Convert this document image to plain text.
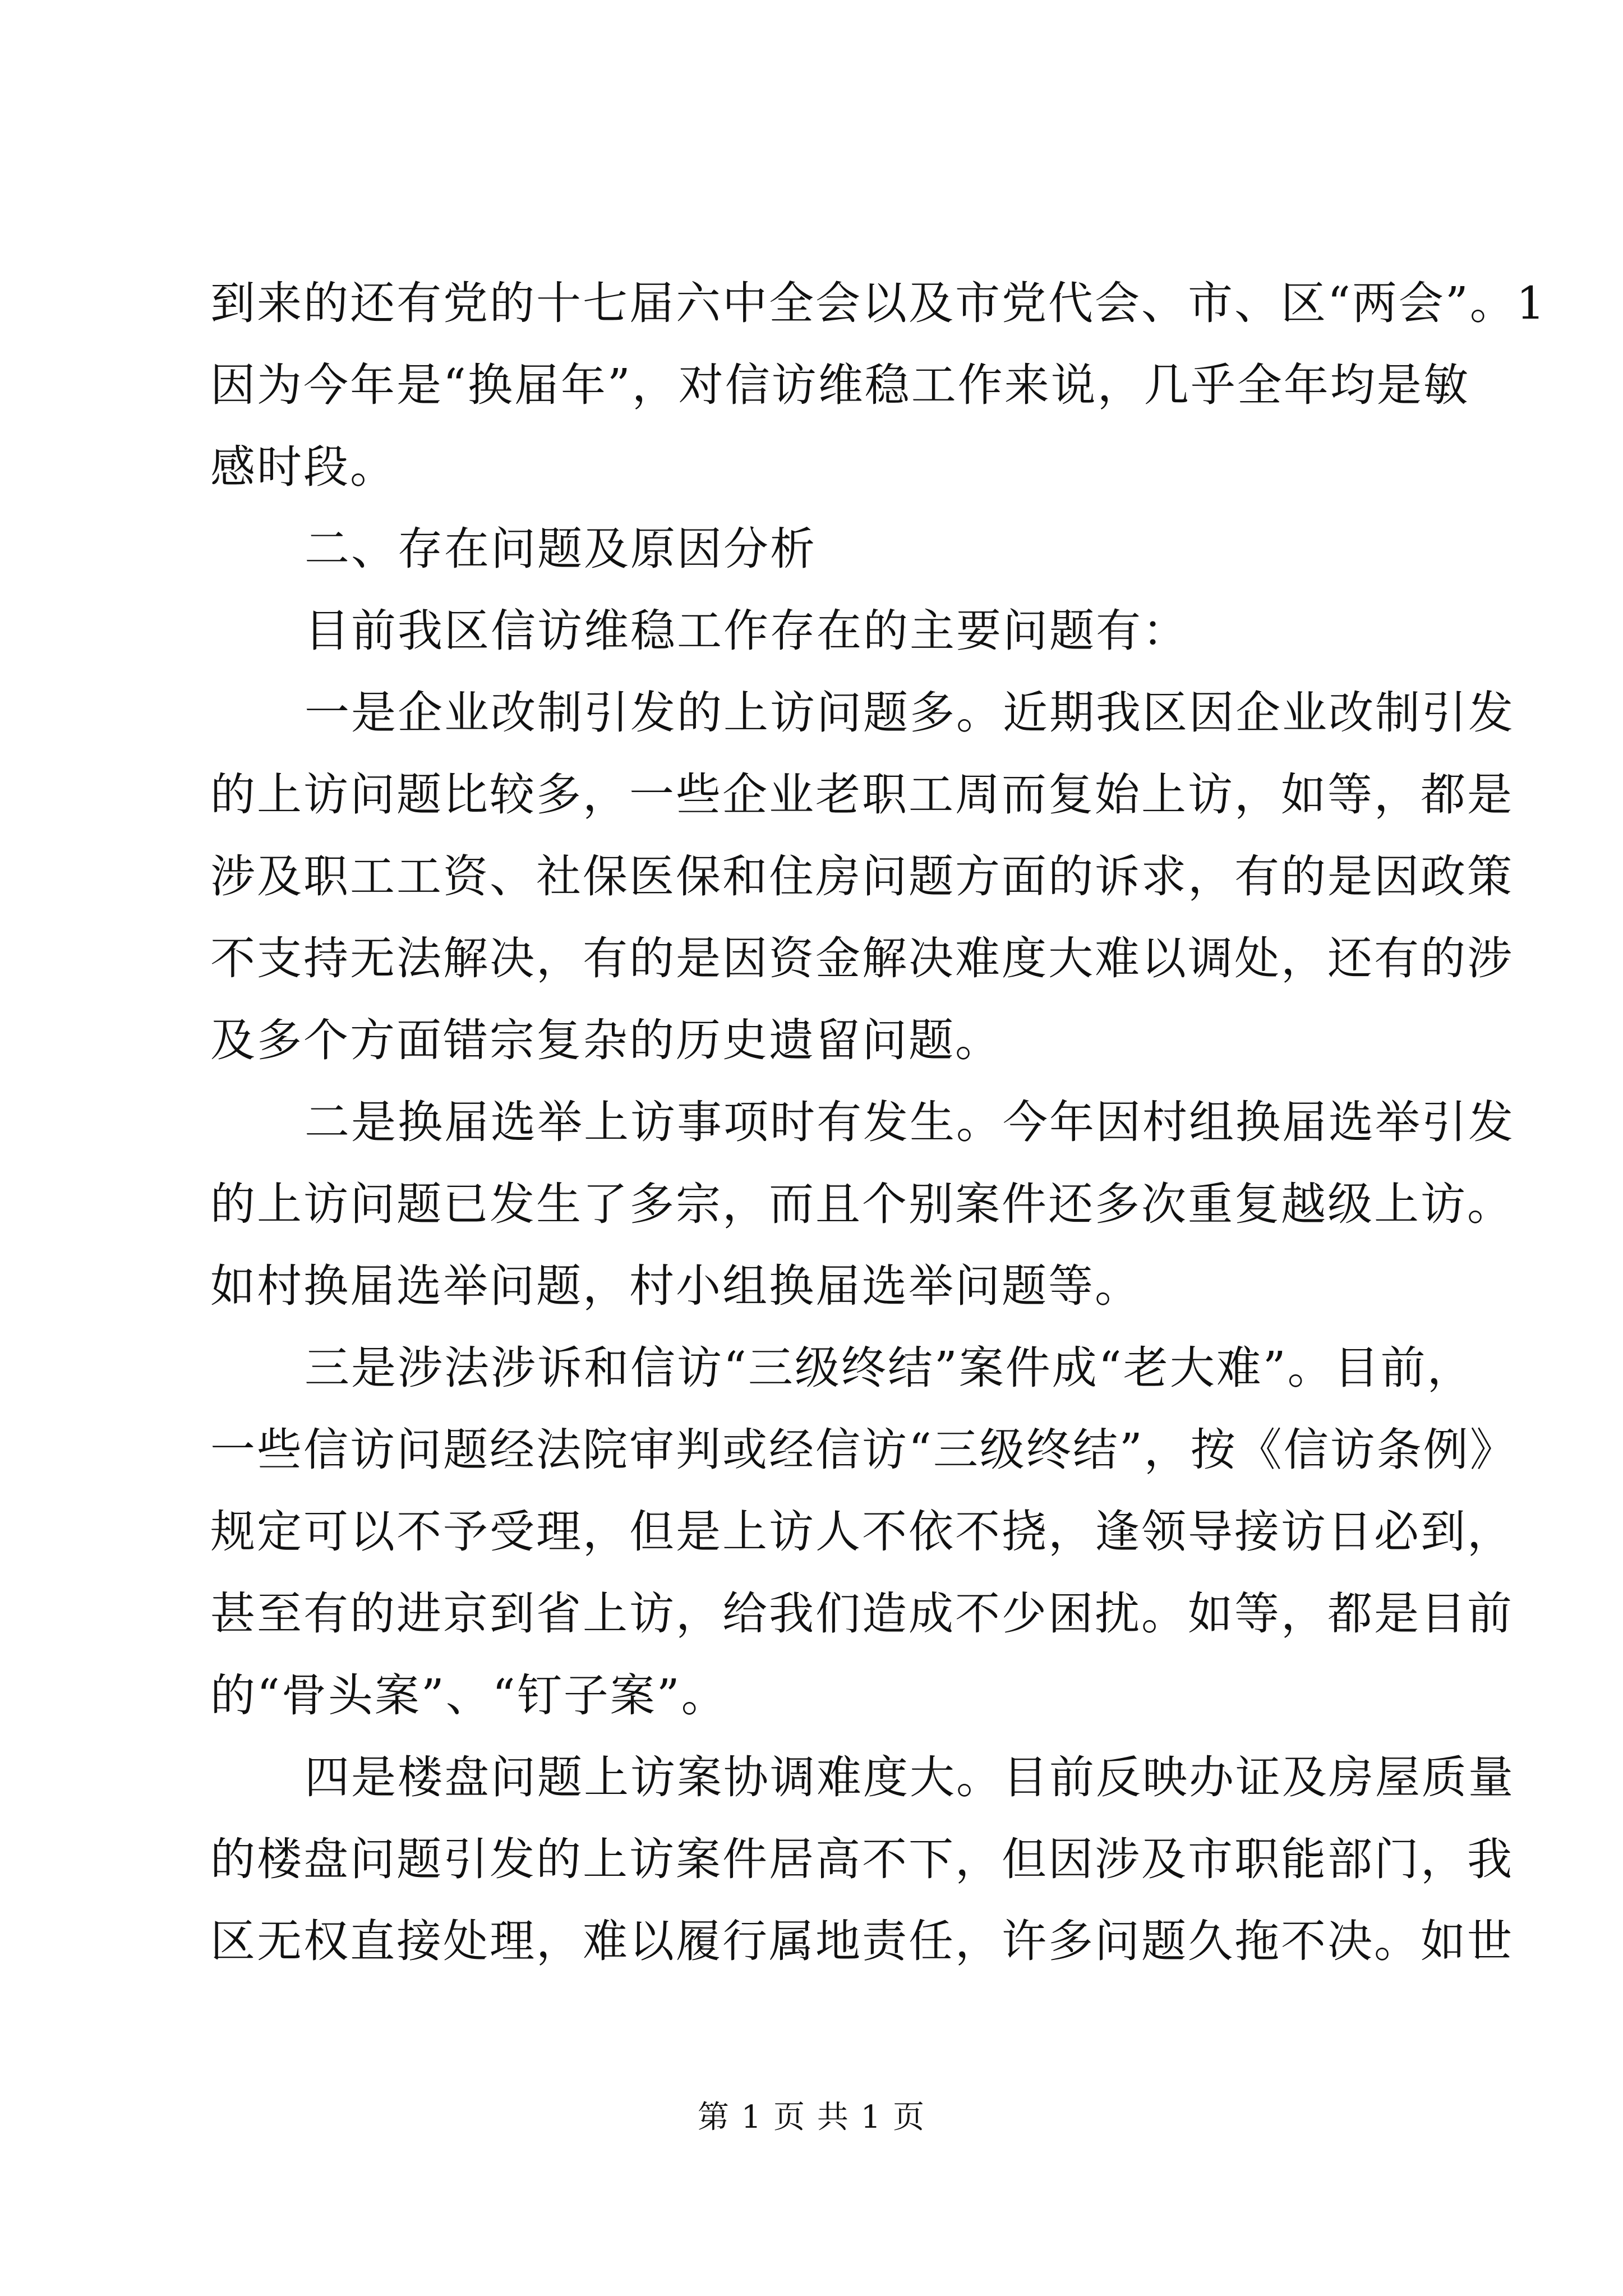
到来的还有党的十七届六中全会以及市党代会、市、区“两会”。1
因为今年是“换届年”，对信访维稳工作来说，几乎全年均是敏
感时段。
二、存在问题及原因分析
目前我区信访维稳工作存在的主要问题有：
一是企业改制引发的上访问题多。近期我区因企业改制引发
的上访问题比较多，一些企业老职工周而复始上访，如等，都是
涉及职工工资、社保医保和住房问题方面的诉求，有的是因政策
不支持无法解决，有的是因资金解决难度大难以调处，还有的涉
及多个方面错宗复杂的历史遗留问题。
二是换届选举上访事项时有发生。今年因村组换届选举引发
的上访问题已发生了多宗，而且个别案件还多次重复越级上访。
如村换届选举问题，村小组换届选举问题等。
三是涉法涉诉和信访“三级终结”案件成“老大难”。目前，
一些信访问题经法院审判或经信访“三级终结”，按《信访条例》
规定可以不予受理，但是上访人不依不挠，逢领导接访日必到，
甚至有的进京到省上访，给我们造成不少困扰。如等，都是目前
的“骨头案”、“钉子案”。
四是楼盘问题上访案协调难度大。目前反映办证及房屋质量
的楼盘问题引发的上访案件居高不下，但因涉及市职能部门，我
区无权直接处理，难以履行属地责任，许多问题久拖不决。如世
第 1 页 共 1 页
